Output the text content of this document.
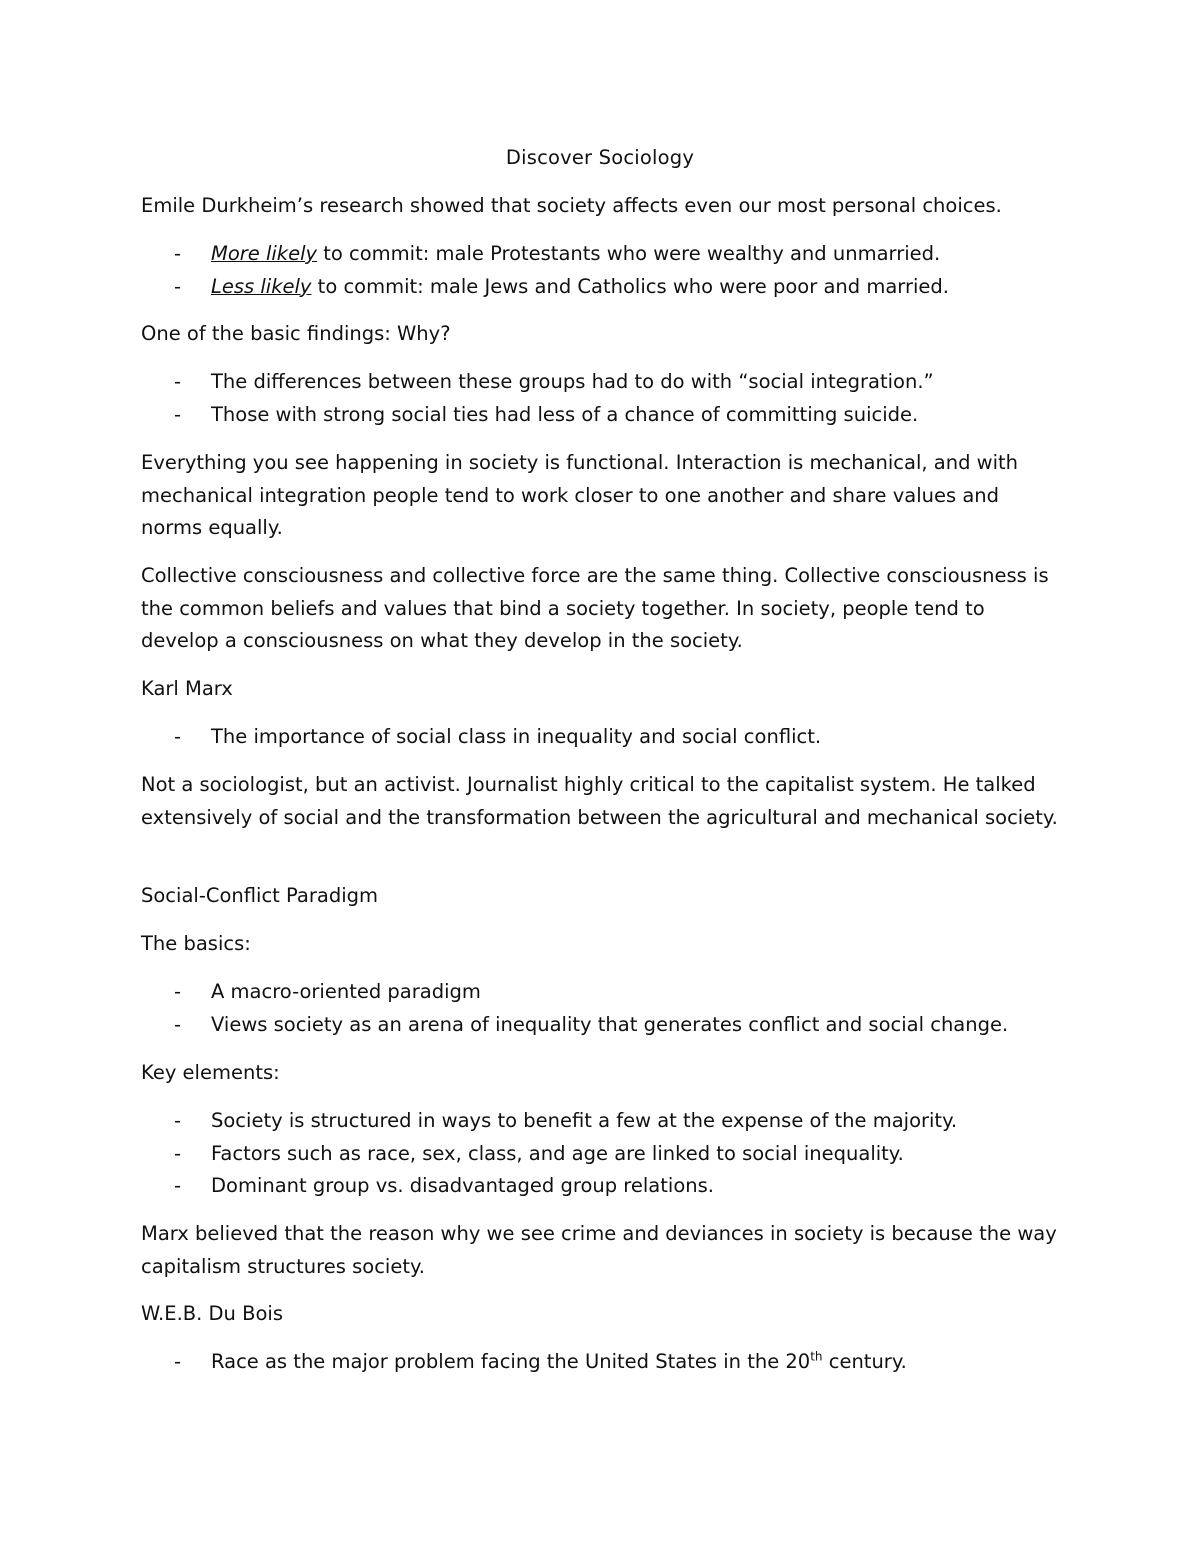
Discover Sociology

Emile Durkheim’s research showed that society affects even our most personal choices.

- More likely to commit: male Protestants who were wealthy and unmarried.
- Less likely to commit: male Jews and Catholics who were poor and married.

One of the basic findings: Why?

- The differences between these groups had to do with “social integration.”
- Those with strong social ties had less of a chance of committing suicide.

Everything you see happening in society is functional. Interaction is mechanical, and with mechanical integration people tend to work closer to one another and share values and norms equally.

Collective consciousness and collective force are the same thing. Collective consciousness is the common beliefs and values that bind a society together. In society, people tend to develop a consciousness on what they develop in the society.

Karl Marx

- The importance of social class in inequality and social conflict.

Not a sociologist, but an activist. Journalist highly critical to the capitalist system. He talked extensively of social and the transformation between the agricultural and mechanical society.

Social-Conflict Paradigm

The basics:

- A macro-oriented paradigm
- Views society as an arena of inequality that generates conflict and social change.

Key elements:

- Society is structured in ways to benefit a few at the expense of the majority.
- Factors such as race, sex, class, and age are linked to social inequality.
- Dominant group vs. disadvantaged group relations.

Marx believed that the reason why we see crime and deviances in society is because the way capitalism structures society.

W.E.B. Du Bois

- Race as the major problem facing the United States in the 20th century.
